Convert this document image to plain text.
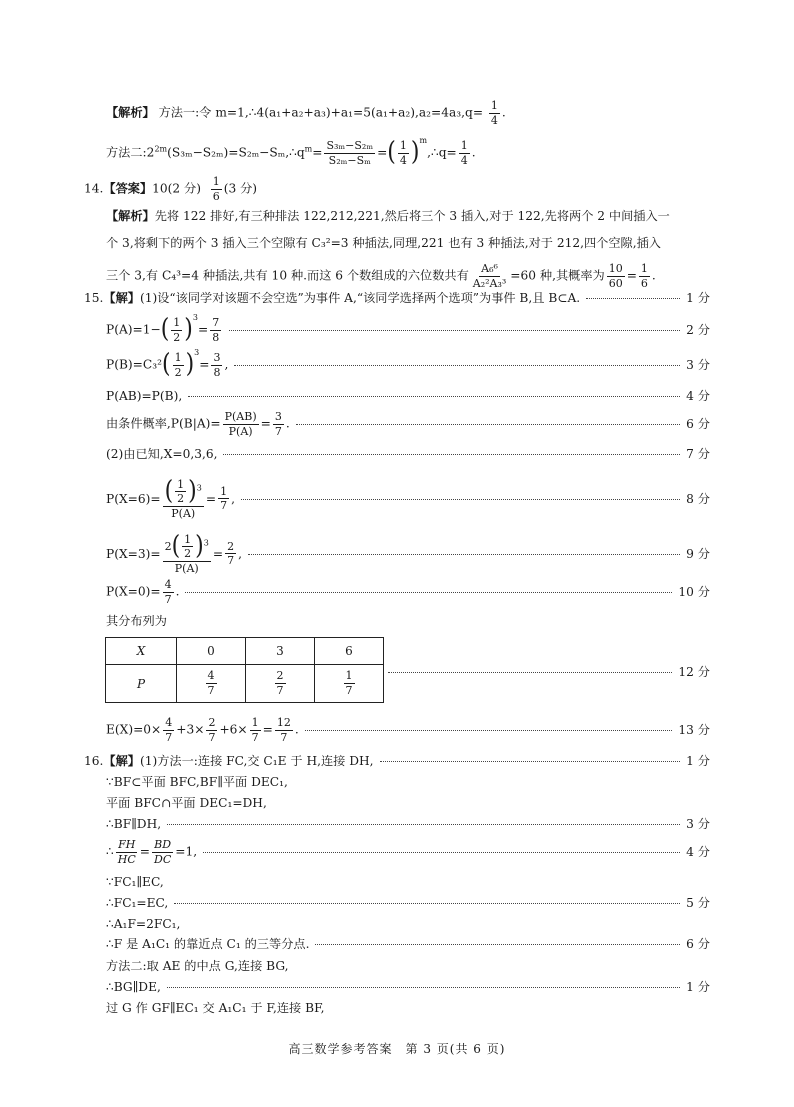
【解析】 方法一:令 m=1,∴4(a₁+a₂+a₃)+a₁=5(a₁+a₂),a₂=4a₃,q= $\frac{1}{4}$ .
方法二$:2^{2m}(S_{3m}-S_{2m})=S_{2m}-S_m,\therefore q^m= \frac{\text{S₃ₘ−S₂ₘ}}{\text{S₂ₘ−Sₘ}}$ = ( 1
4 ) $^m$,∴q= $\frac{1}{4}$ .
14.【答案】10(2 分) $\frac{1}{6} (3$ 分)
【解析】先将 122 排好,有三种排法 122,212,221,然后将三个 3 插入,对于 122,先将两个 2 中间插入一
个 3,将剩下的两个 3 插入三个空隙有 C₃²=3 种插法,同理,221 也有 3 种插法,对于 212,四个空隙,插入
三个 3,有 C₄³=4 种插法,共有 10 种.而这 6 个数组成的六位数共有 $\frac{\text{A₆⁶}}{\text{A₂²A₃³}} =60$ 种,其概率为 $\frac{10}{60} = \frac{1}{6}$ .
15.【解】(1)设“该同学对该题不会空选”为事件 A,“该同学选择两个选项”为事件 B,且 B⊂A.	1 分
P(A)=1− ( 1
2 ) $^3= \frac{7}{8}$	2 分
P(B)=C₃² ( 1
2 ) $^3= \frac{3}{8}$ ,	3 分
P(AB)=P(B),	4 分
由条件概率$,P(B|A)= \frac{P(AB)}{P(A)} = \frac{3}{7}$ .	6 分
(2)由已知,X=0,3,6,	7 分
P(X=6)= ( 1
2 ) $^3$
$P(A) = \frac{1}{7}$ ,	8 分
P(X=3)= 2 ( 1
2 ) $^3$
$P(A) = \frac{2}{7}$ ,	9 分
$P(X=0)= \frac{4}{7}$ .	10 分
其分布列为
X	0	3	6
P	$\frac{4}{7}$	$\frac{2}{7}$	$\frac{1}{7}$	12 分
$E(X)=0\times \frac{4}{7} +3\times \frac{2}{7} +6\times \frac{1}{7} = \frac{12}{7}$ .	13 分
16.【解】(1)方法一:连接 FC,交 C₁E 于 H,连接 DH,	1 分
∵BF⊂平面 BFC,BF∥平面 DEC₁,
平面 BFC∩平面 DEC₁=DH,
∴BF∥DH,	3 分
∴ $\frac{FH}{HC} = \frac{BD}{DC} =1$,	4 分
∵FC₁∥EC,
∴FC₁=EC,	5 分
∴A₁F=2FC₁,
∴F 是 A₁C₁ 的靠近点 C₁ 的三等分点.	6 分
方法二:取 AE 的中点 G,连接 BG,
∴BG∥DE,	1 分
过 G 作 GF∥EC₁ 交 A₁C₁ 于 F,连接 BF,
高三数学参考答案　第 3 页(共 6 页)
